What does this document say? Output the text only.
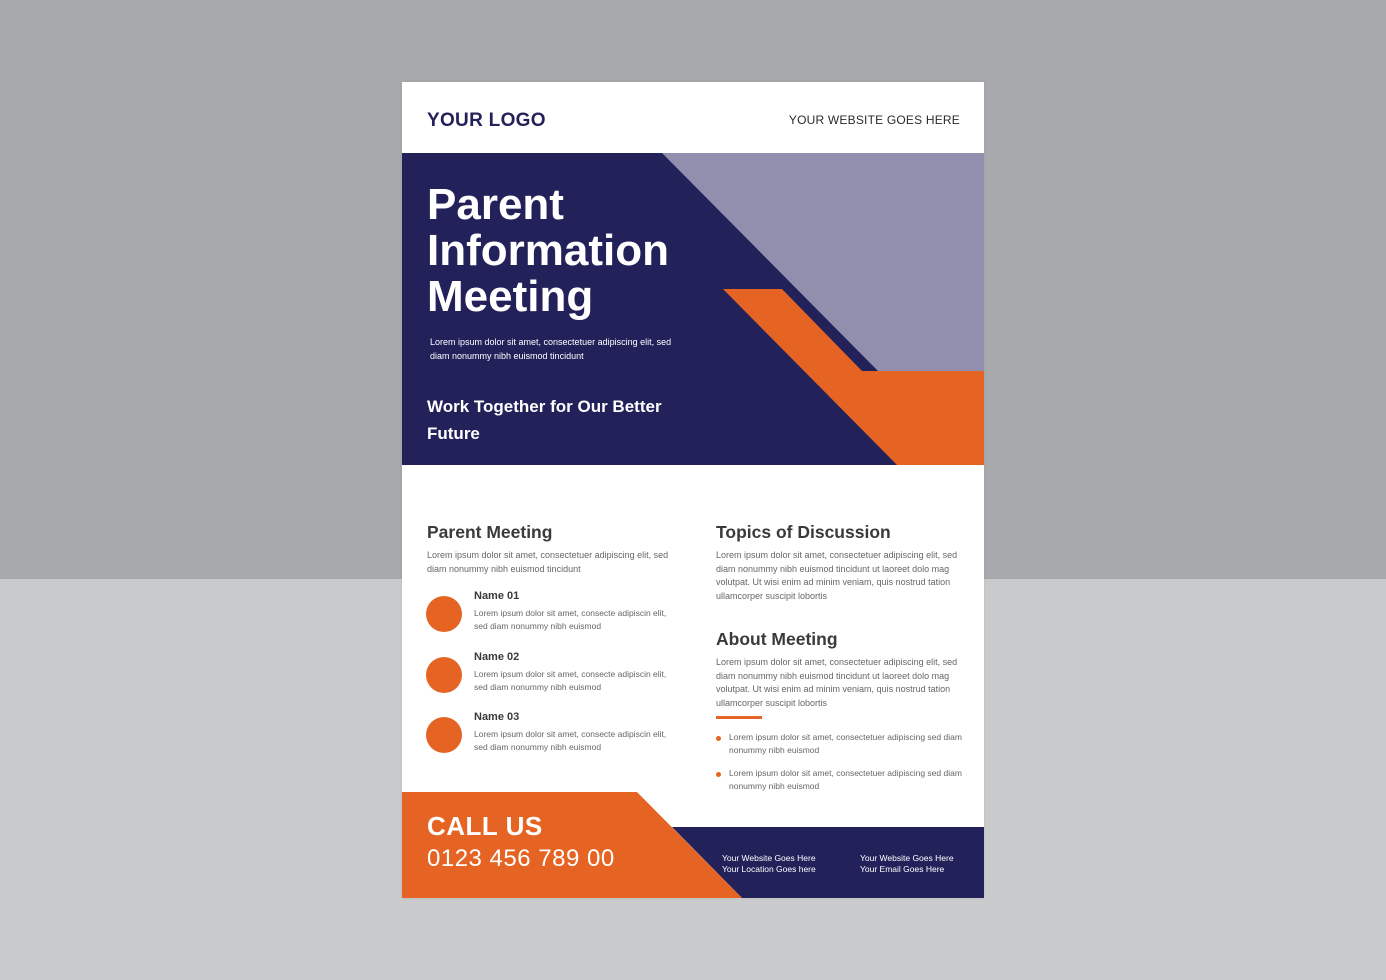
YOUR LOGO	YOUR WEBSITE GOES HERE
Parent
Information
Meeting

Lorem ipsum dolor sit amet, consectetuer adipiscing elit, sed diam nonummy nibh euismod tincidunt

Work Together for Our Better Future

Parent Meeting

Lorem ipsum dolor sit amet, consectetuer adipiscing elit, sed diam nonummy nibh euismod tincidunt

Name 01

Lorem ipsum dolor sit amet, consecte adipiscin elit, sed diam nonummy nibh euismod

Name 02

Lorem ipsum dolor sit amet, consecte adipiscin elit, sed diam nonummy nibh euismod

Name 03

Lorem ipsum dolor sit amet, consecte adipiscin elit, sed diam nonummy nibh euismod

Topics of Discussion

Lorem ipsum dolor sit amet, consectetuer adipiscing elit, sed diam nonummy nibh euismod tincidunt ut laoreet dolo mag volutpat. Ut wisi enim ad minim veniam, quis nostrud tation ullamcorper suscipit lobortis

About Meeting

Lorem ipsum dolor sit amet, consectetuer adipiscing elit, sed diam nonummy nibh euismod tincidunt ut laoreet dolo mag volutpat. Ut wisi enim ad minim veniam, quis nostrud tation ullamcorper suscipit lobortis

Lorem ipsum dolor sit amet, consectetuer adipiscing sed diam nonummy nibh euismod

Lorem ipsum dolor sit amet, consectetuer adipiscing sed diam nonummy nibh euismod

CALL US

0123 456 789 00	Your Website Goes Here

Your Location Goes here

Your Website Goes Here

Your Email Goes Here
